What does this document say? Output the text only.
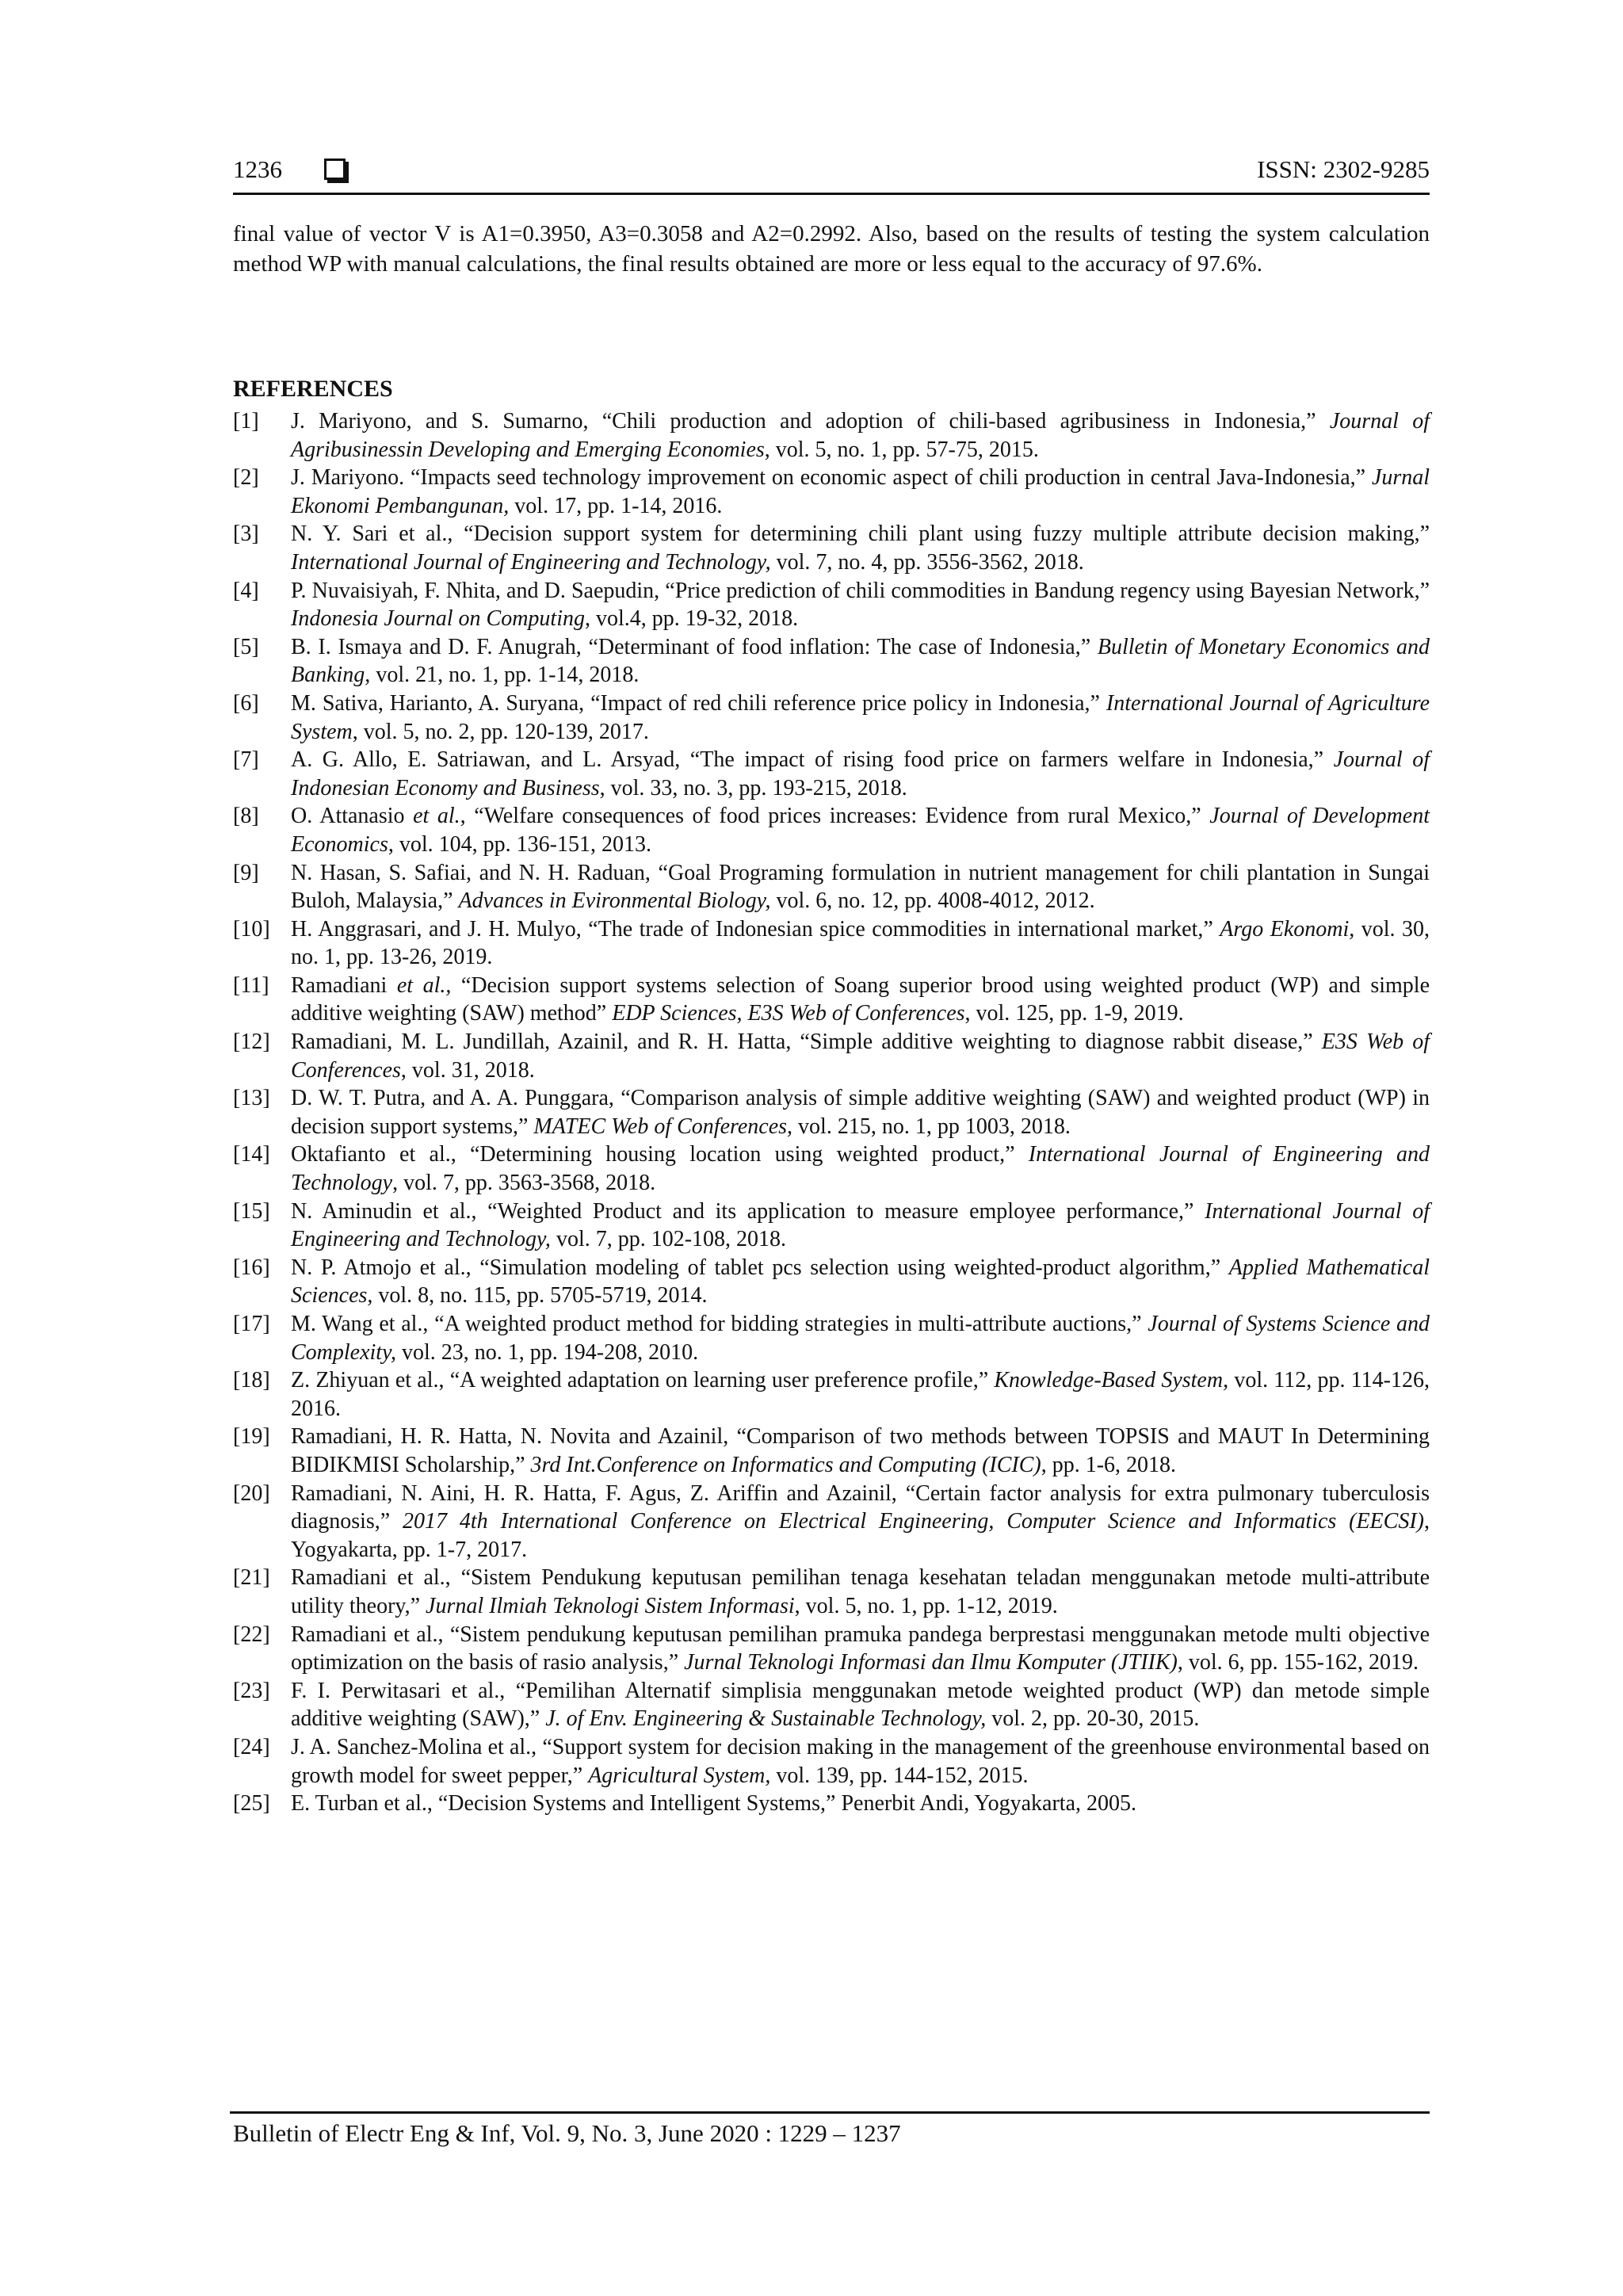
1236	ISSN: 2302-9285
final value of vector V is A1=0.3950, A3=0.3058 and A2=0.2992. Also, based on the results of testing the system calculation method WP with manual calculations, the final results obtained are more or less equal to the accuracy of 97.6%.
REFERENCES
[1]	J. Mariyono, and S. Sumarno, “Chili production and adoption of chili-based agribusiness in Indonesia,” Journal of Agribusinessin Developing and Emerging Economies, vol. 5, no. 1, pp. 57-75, 2015.
[2]	J. Mariyono. “Impacts seed technology improvement on economic aspect of chili production in central Java-Indonesia,” Jurnal Ekonomi Pembangunan, vol. 17, pp. 1-14, 2016.
[3]	N. Y. Sari et al., “Decision support system for determining chili plant using fuzzy multiple attribute decision making,” International Journal of Engineering and Technology, vol. 7, no. 4, pp. 3556-3562, 2018.
[4]	P. Nuvaisiyah, F. Nhita, and D. Saepudin, “Price prediction of chili commodities in Bandung regency using Bayesian Network,” Indonesia Journal on Computing, vol.4, pp. 19-32, 2018.
[5]	B. I. Ismaya and D. F. Anugrah, “Determinant of food inflation: The case of Indonesia,” Bulletin of Monetary Economics and Banking, vol. 21, no. 1, pp. 1-14, 2018.
[6]	M. Sativa, Harianto, A. Suryana, “Impact of red chili reference price policy in Indonesia,” International Journal of Agriculture System, vol. 5, no. 2, pp. 120-139, 2017.
[7]	A. G. Allo, E. Satriawan, and L. Arsyad, “The impact of rising food price on farmers welfare in Indonesia,” Journal of Indonesian Economy and Business, vol. 33, no. 3, pp. 193-215, 2018.
[8]	O. Attanasio et al., “Welfare consequences of food prices increases: Evidence from rural Mexico,” Journal of Development Economics, vol. 104, pp. 136-151, 2013.
[9]	N. Hasan, S. Safiai, and N. H. Raduan, “Goal Programing formulation in nutrient management for chili plantation in Sungai Buloh, Malaysia,” Advances in Evironmental Biology, vol. 6, no. 12, pp. 4008-4012, 2012.
[10] H. Anggrasari, and J. H. Mulyo, “The trade of Indonesian spice commodities in international market,” Argo Ekonomi, vol. 30, no. 1, pp. 13-26, 2019.
[11] Ramadiani et al., “Decision support systems selection of Soang superior brood using weighted product (WP) and simple additive weighting (SAW) method” EDP Sciences, E3S Web of Conferences, vol. 125, pp. 1-9, 2019.
[12] Ramadiani, M. L. Jundillah, Azainil, and R. H. Hatta, “Simple additive weighting to diagnose rabbit disease,” E3S Web of Conferences, vol. 31, 2018.
[13] D. W. T. Putra, and A. A. Punggara, “Comparison analysis of simple additive weighting (SAW) and weighted product (WP) in decision support systems,” MATEC Web of Conferences, vol. 215, no. 1, pp 1003, 2018.
[14] Oktafianto et al., “Determining housing location using weighted product,” International Journal of Engineering and Technology, vol. 7, pp. 3563-3568, 2018.
[15] N. Aminudin et al., “Weighted Product and its application to measure employee performance,” International Journal of Engineering and Technology, vol. 7, pp. 102-108, 2018.
[16] N. P. Atmojo et al., “Simulation modeling of tablet pcs selection using weighted-product algorithm,” Applied Mathematical Sciences, vol. 8, no. 115, pp. 5705-5719, 2014.
[17] M. Wang et al., “A weighted product method for bidding strategies in multi-attribute auctions,” Journal of Systems Science and Complexity, vol. 23, no. 1, pp. 194-208, 2010.
[18] Z. Zhiyuan et al., “A weighted adaptation on learning user preference profile,” Knowledge-Based System, vol. 112, pp. 114-126, 2016.
[19] Ramadiani, H. R. Hatta, N. Novita and Azainil, “Comparison of two methods between TOPSIS and MAUT In Determining BIDIKMISI Scholarship,” 3rd Int.Conference on Informatics and Computing (ICIC), pp. 1-6, 2018.
[20] Ramadiani, N. Aini, H. R. Hatta, F. Agus, Z. Ariffin and Azainil, “Certain factor analysis for extra pulmonary tuberculosis diagnosis,” 2017 4th International Conference on Electrical Engineering, Computer Science and Informatics (EECSI), Yogyakarta, pp. 1-7, 2017.
[21] Ramadiani et al., “Sistem Pendukung keputusan pemilihan tenaga kesehatan teladan menggunakan metode multi-attribute utility theory,” Jurnal Ilmiah Teknologi Sistem Informasi, vol. 5, no. 1, pp. 1-12, 2019.
[22] Ramadiani et al., “Sistem pendukung keputusan pemilihan pramuka pandega berprestasi menggunakan metode multi objective optimization on the basis of rasio analysis,” Jurnal Teknologi Informasi dan Ilmu Komputer (JTIIK), vol. 6, pp. 155-162, 2019.
[23] F. I. Perwitasari et al., “Pemilihan Alternatif simplisia menggunakan metode weighted product (WP) dan metode simple additive weighting (SAW),” J. of Env. Engineering & Sustainable Technology, vol. 2, pp. 20-30, 2015.
[24] J. A. Sanchez-Molina et al., “Support system for decision making in the management of the greenhouse environmental based on growth model for sweet pepper,” Agricultural System, vol. 139, pp. 144-152, 2015.
[25] E. Turban et al., “Decision Systems and Intelligent Systems,” Penerbit Andi, Yogyakarta, 2005.
Bulletin of Electr Eng & Inf, Vol. 9, No. 3, June 2020 : 1229 – 1237
